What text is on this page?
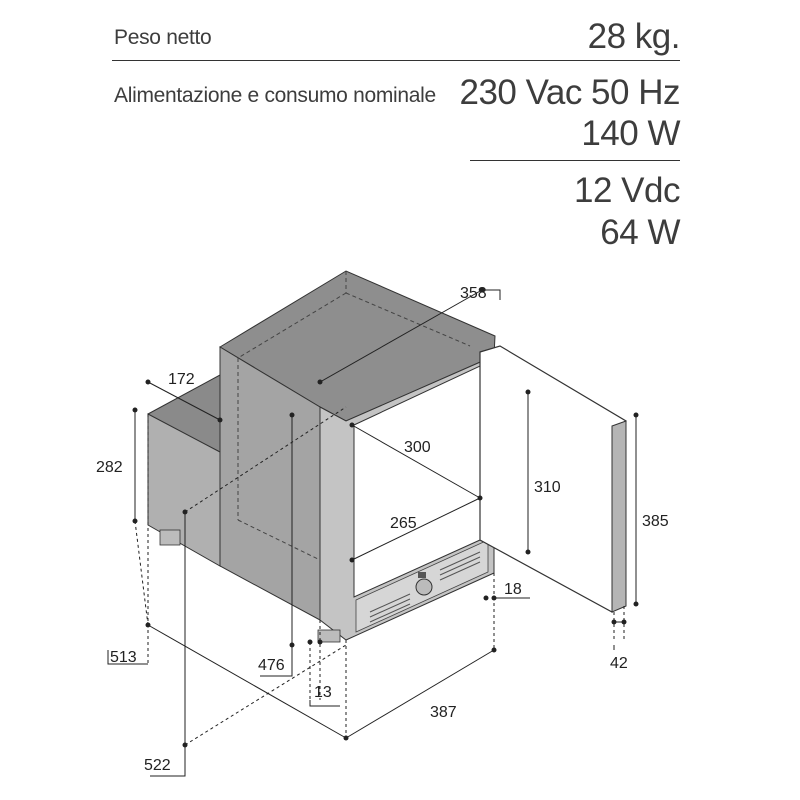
Peso netto	28 kg.
Alimentazione e consumo nominale 230 Vac 50 Hz
140 W
12 Vdc
64 W
358
172
282
300
310
265	385
18
42
513	476
13
387
522
